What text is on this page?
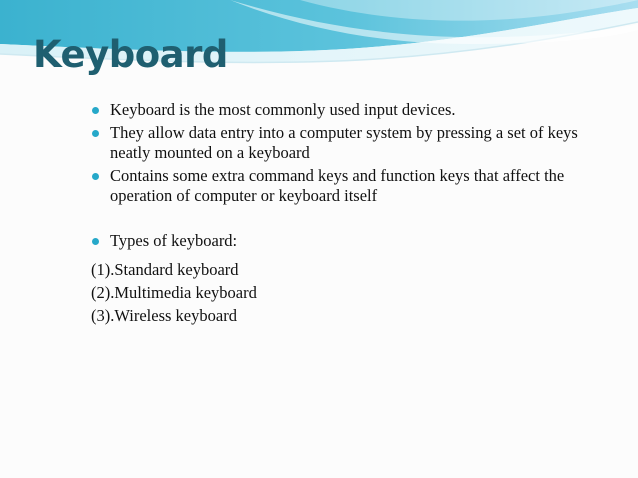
Keyboard
Keyboard is the most commonly used input devices.
They allow data entry into a computer system by pressing a set of keys neatly mounted on a keyboard
Contains some extra command keys and function keys that affect the operation of computer or keyboard itself
Types of keyboard:
(1).Standard keyboard
(2).Multimedia keyboard
(3).Wireless keyboard
